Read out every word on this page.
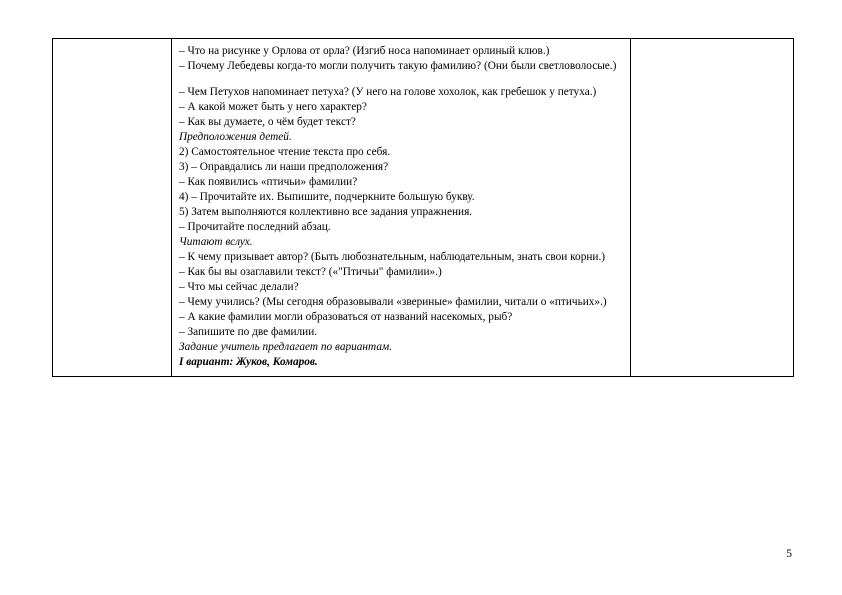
– Что на рисунке у Орлова от орла? (Изгиб носа напоминает орлиный клюв.)

– Почему Лебедевы когда-то могли получить такую фамилию? (Они были светловолосые.)

– Чем Петухов напоминает петуха? (У него на голове хохолок, как гребешок у петуха.)

– А какой может быть у него характер?

– Как вы думаете, о чём будет текст?

Предположения детей.

2) Самостоятельное чтение текста про себя.

3) – Оправдались ли наши предположения?

– Как появились «птичьи» фамилии?

4) – Прочитайте их. Выпишите, подчеркните большую букву.

5) Затем выполняются коллективно все задания упражнения.

– Прочитайте последний абзац.

Читают вслух.

– К чему призывает автор? (Быть любознательным, наблюдательным, знать свои корни.)

– Как бы вы озаглавили текст? («"Птичьи" фамилии».)

– Что мы сейчас делали?

– Чему учились? (Мы сегодня образовывали «звериные» фамилии, читали о «птичьих».)

– А какие фамилии могли образоваться от названий насекомых, рыб?

– Запишите по две фамилии.

Задание учитель предлагает по вариантам.

I вариант: Жуков, Комаров.

5
